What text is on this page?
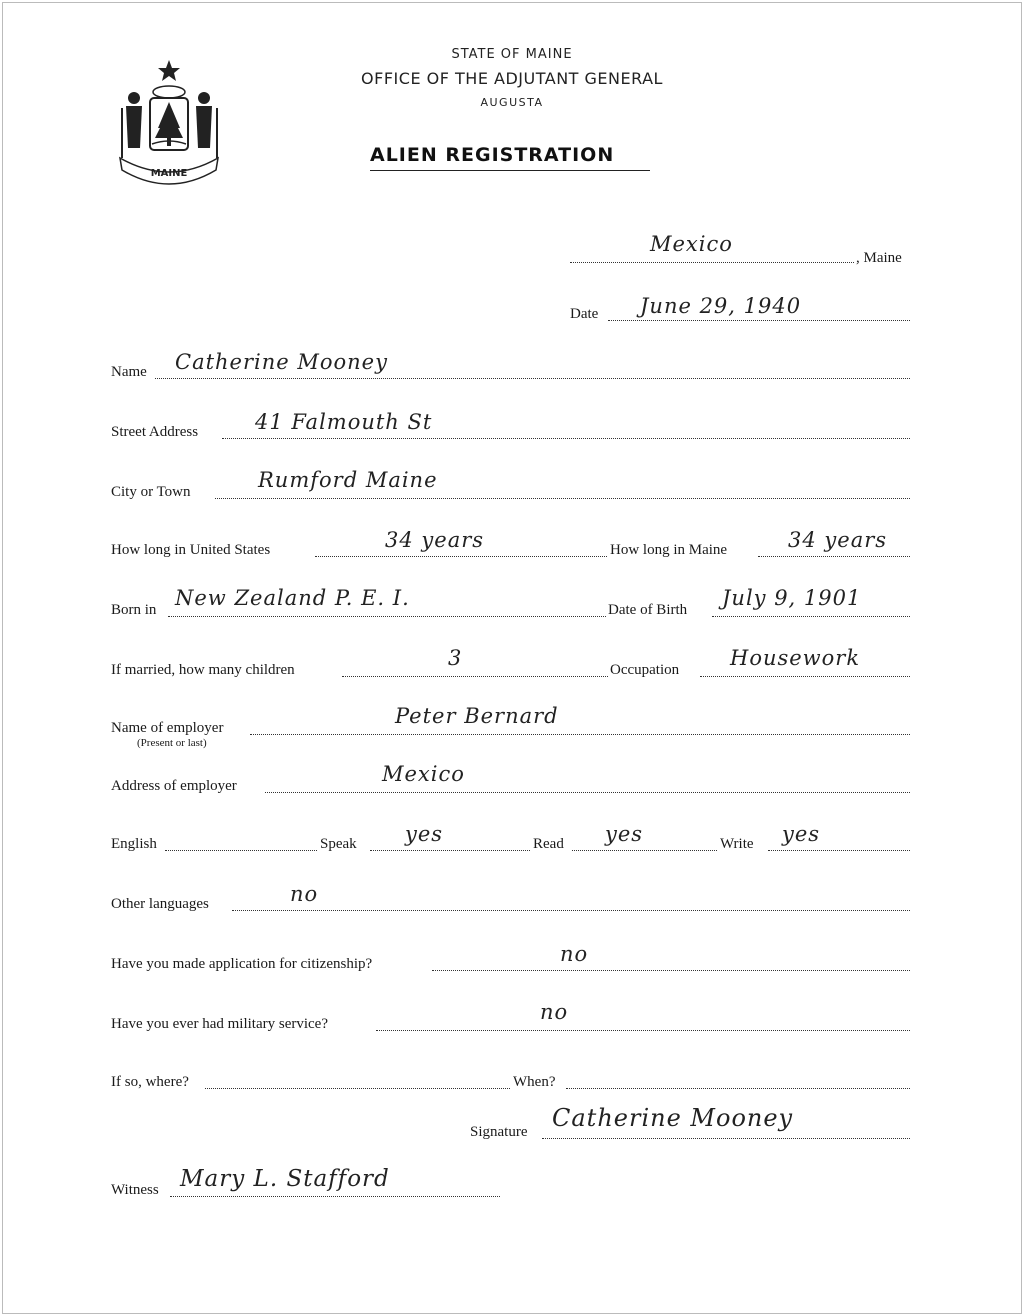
MAINE
STATE OF MAINE
OFFICE OF THE ADJUTANT GENERAL
AUGUSTA
ALIEN REGISTRATION
Mexico
, Maine
Date June 29, 1940
Name Catherine Mooney
Street Address	41 Falmouth St
City or Town	Rumford Maine
How long in United States	34 years	How long in Maine	34 years
Born in New Zealand P. E. I.	Date of Birth July 9, 1901
If married, how many children	3	Occupation Housework
Name of employer
(Present or last)
Peter Bernard
Address of employer	Mexico
English	Speak yes	Read yes	Write yes
Other languages	no
Have you made application for citizenship?	no
Have you ever had military service?	no
If so, where?	When?
Signature Catherine Mooney
Witness Mary L. Stafford
